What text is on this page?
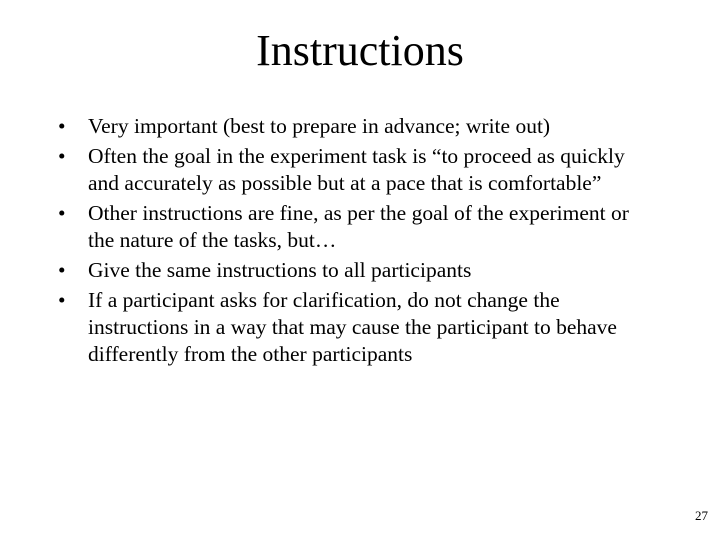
Instructions
•	Very important (best to prepare in advance; write out)
•	Often the goal in the experiment task is “to proceed as quickly and accurately as possible but at a pace that is comfortable”
•	Other instructions are fine, as per the goal of the experiment or the nature of the tasks, but…
•	Give the same instructions to all participants
•	If a participant asks for clarification, do not change the instructions in a way that may cause the participant to behave differently from the other participants
27
